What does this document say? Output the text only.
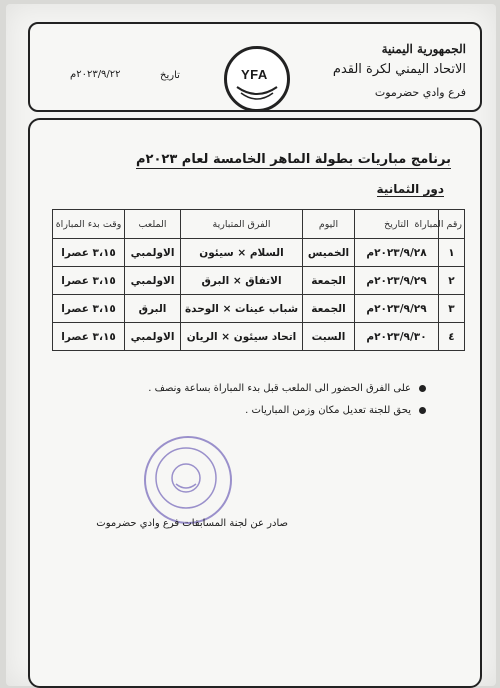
الجمهورية اليمنية
الاتحاد اليمني لكرة القدم
فرع وادي حضرموت
تاريخ
٢٠٢٣/٩/٢٢م	YFA
برنامج مباريات بطولة الماهر الخامسة لعام ٢٠٢٣م
دور الثمانية
رقم المباراة	التاريخ	اليوم	الفرق المتبارية	الملعب	وقت بدء المباراة
١	٢٠٢٣/٩/٢٨م	الخميس	السلام × سيئون	الاولمبي	٣،١٥ عصرا
٢	٢٠٢٣/٩/٢٩م	الجمعة	الاتفاق × البرق	الاولمبي	٣،١٥ عصرا
٣	٢٠٢٣/٩/٢٩م	الجمعة	شباب عينات × الوحدة	البرق	٣،١٥ عصرا
٤	٢٠٢٣/٩/٣٠م	السبت	اتحاد سيئون × الريان	الاولمبي	٣،١٥ عصرا
على الفرق الحضور الى الملعب قبل بدء المباراة بساعة ونصف .
يحق للجنة تعديل مكان وزمن المباريات .
صادر عن لجنة المسابقات فرع وادي حضرموت
